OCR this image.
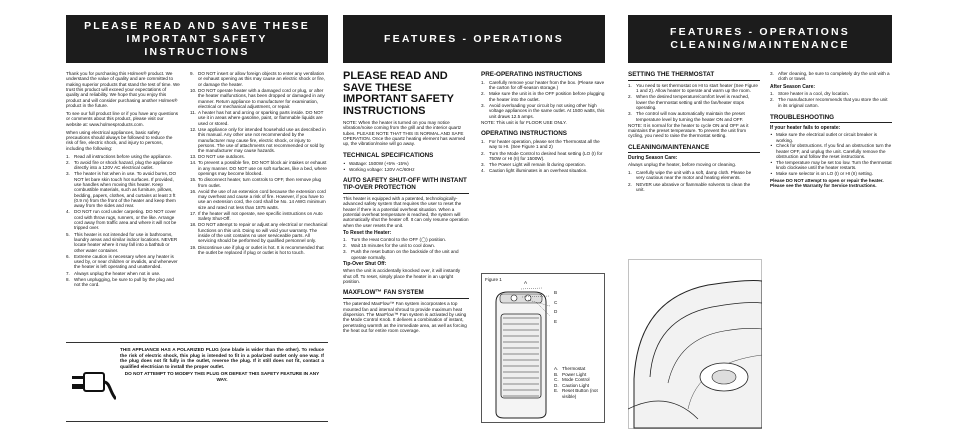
PLEASE READ AND SAVE THESE IMPORTANT SAFETY INSTRUCTIONS

Thank you for purchasing this Holmes® product. We understand the value of quality and are committed to making superior products that stand the test of time. We trust this product will exceed your expectations of quality and reliability. We hope that you enjoy this product and will consider purchasing another Holmes® product in the future.

To see our full product line or if you have any questions or comments about this product, please visit our website at: www.holmesproducts.com.

When using electrical appliances, basic safety precautions should always be followed to reduce the risk of fire, electric shock, and injury to persons, including the following:

1. Read all instructions before using the appliance.
2. To avoid fire or shock hazard, plug the appliance directly into a 120V AC electrical outlet.
3. The heater is hot when in use. To avoid burns, DO NOT let bare skin touch hot surfaces. If provided, use handles when moving this heater. Keep combustible materials, such as furniture, pillows, bedding, papers, clothes, and curtains at least 3 ft (0.9 m) from the front of the heater and keep them away from the sides and rear.
4. DO NOT run cord under carpeting. DO NOT cover cord with throw rugs, runners, or the like. Arrange cord away from traffic area and where it will not be tripped over.
5. This heater is not intended for use in bathrooms, laundry areas and similar indoor locations. NEVER locate heater where it may fall into a bathtub or other water container.
6. Extreme caution is necessary when any heater is used by, or near children or invalids, and whenever the heater is left operating and unattended.
7. Always unplug the heater when not in use.
8. When unplugging, be sure to pull by the plug and not the cord.
9. DO NOT insert or allow foreign objects to enter any ventilation or exhaust opening as this may cause an electric shock or fire, or damage the heater.
10. DO NOT operate heater with a damaged cord or plug, or after the heater malfunctions, has been dropped or damaged in any manner. Return appliance to manufacturer for examination, electrical or mechanical adjustment, or repair.
11. A heater has hot and arcing or sparking parts inside. DO NOT use it in areas where gasoline, paint, or flammable liquids are used or stored.
12. Use appliance only for intended household use as described in this manual. Any other use not recommended by the manufacturer may cause fire, electric shock, or injury to persons. The use of attachments not recommended or sold by the manufacturer may cause hazards.
13. DO NOT use outdoors.
14. To prevent a possible fire, DO NOT block air intakes or exhaust in any manner. DO NOT use on soft surfaces, like a bed, where openings may become blocked.
15. To disconnect heater, turn controls to OFF, then remove plug from outlet.
16. Avoid the use of an extension cord because the extension cord may overheat and cause a risk of fire. However, if you have to use an extension cord, the cord shall be No. 14 AWG minimum size and rated not less than 1875 watts.
17. If the heater will not operate, see specific instructions on Auto Safety Shut-Off.
18. DO NOT attempt to repair or adjust any electrical or mechanical functions on this unit. Doing so will void your warranty. The inside of the unit contains no user serviceable parts. All servicing should be performed by qualified personnel only.
19. Discontinue use if plug or outlet is hot. It is recommended that the outlet be replaced if plug or outlet is hot to touch.
THIS APPLIANCE HAS A POLARIZED PLUG (one blade is wider than the other). To reduce the risk of electric shock, this plug is intended to fit in a polarized outlet only one way. If the plug does not fit fully in the outlet, reverse the plug. If it still does not fit, contact a qualified electrician to install the proper outlet.
DO NOT ATTEMPT TO MODIFY THIS PLUG OR DEFEAT THIS SAFETY FEATURE IN ANY WAY.
FEATURES - OPERATIONS
PLEASE READ AND SAVE THESE IMPORTANT SAFETY INSTRUCTIONS

NOTE: When the heater is turned on you may notice vibration/noise coming from the grill and the interior quartz tubes. PLEASE NOTE THAT THIS IS NORMAL AND SAFE OPERATION. Once the quartz heating element has warmed up, the vibration/noise will go away.

TECHNICAL SPECIFICATIONS
• Wattage: 1500W (+5% -15%)
• Working voltage: 120V AC/60Hz
AUTO SAFETY SHUT-OFF WITH INSTANT TIP-OVER PROTECTION

This heater is equipped with a patented, technologically-advanced safety system that requires the user to reset the heater if there is a potential overheat situation. When a potential overheat temperature is reached, the system will automatically shut the heater off. It can only resume operation when the user resets the unit.

To Reset the Heater:
1. Turn the Heat Control to the OFF (◯) position.
2. Wait 15 minutes for the unit to cool down.
3. Push the reset button on the backside of the unit and operate normally.
Tip-Over Shut Off:

When the unit is accidentally knocked over, it will instantly shut off. To reset, simply place the heater in an upright position.

MAXFLOW™ FAN SYSTEM

The patented MaxFlow™ Fan system incorporates a top mounted fan and internal shroud to provide maximum heat dispersion. The MaxFlow™ Fan system is activated by using the Mode Control Knob. It delivers a combination of instant, penetrating warmth as the immediate area, as well as forcing the heat out for entire room coverage.

PRE-OPERATING INSTRUCTIONS
1. Carefully remove your heater from the box. (Please save the carton for off-season storage.)
2. Make sure the unit is in the OFF position before plugging the heater into the outlet.
3. Avoid overloading your circuit by not using other high voltage appliances in the same outlet. At 1500 watts, this unit draws 12.5 amps.

NOTE: This unit is for FLOOR USE ONLY.

OPERATING INSTRUCTIONS
1. For heater operation, please set the Thermostat all the way to HI. (See Figure 1 and 2)
2. Turn the Mode Control to desired heat setting (LO (I) for 750W or HI (II) for 1500W).
3. The Power Light will remain lit during operation.
4. Caution light illuminates in an overheat situation.
Figure 1
A
B
C
D
E
A. Thermostat
B. Power Light
C. Mode Control
D. Caution Light
E. Reset Button (not visible)
FEATURES - OPERATIONS CLEANING/MAINTENANCE
SETTING THE THERMOSTAT
1. You need to set thermostat on HI to start heater (See Figure 1 and 2). Allow heater to operate and warm up the room.
2. When the desired temperature/comfort level is reached, lower the thermostat setting until the fan/heater stops operating.
3. The control will now automatically maintain the preset temperature level by turning the heater ON and OFF.

NOTE: It is normal for the heater to cycle ON and OFF as it maintains the preset temperature. To prevent the unit from cycling, you need to raise the thermostat setting.

CLEANING/MAINTENANCE
During Season Care:

Always unplug the heater, before moving or cleaning.

1. Carefully wipe the unit with a soft, damp cloth. Please be very cautious near the motor and heating elements.
2. NEVER use abrasive or flammable solvents to clean the unit.
3. After cleaning, be sure to completely dry the unit with a cloth or towel.
After Season Care:
1. Store heater in a cool, dry location.
2. The manufacturer recommends that you store the unit in its original carton.
TROUBLESHOOTING
If your heater fails to operate:
• Make sure the electrical outlet or circuit breaker is working.
• Check for obstructions. If you find an obstruction turn the heater OFF, and unplug the unit. Carefully remove the obstruction and follow the reset instructions.
• The temperature may be set too low. Turn the thermostat knob clockwise until the heater restarts.
• Make sure selector is on LO (I) or HI (II) setting.
Please DO NOT attempt to open or repair the heater.
Please see the Warranty for Service Instructions.
